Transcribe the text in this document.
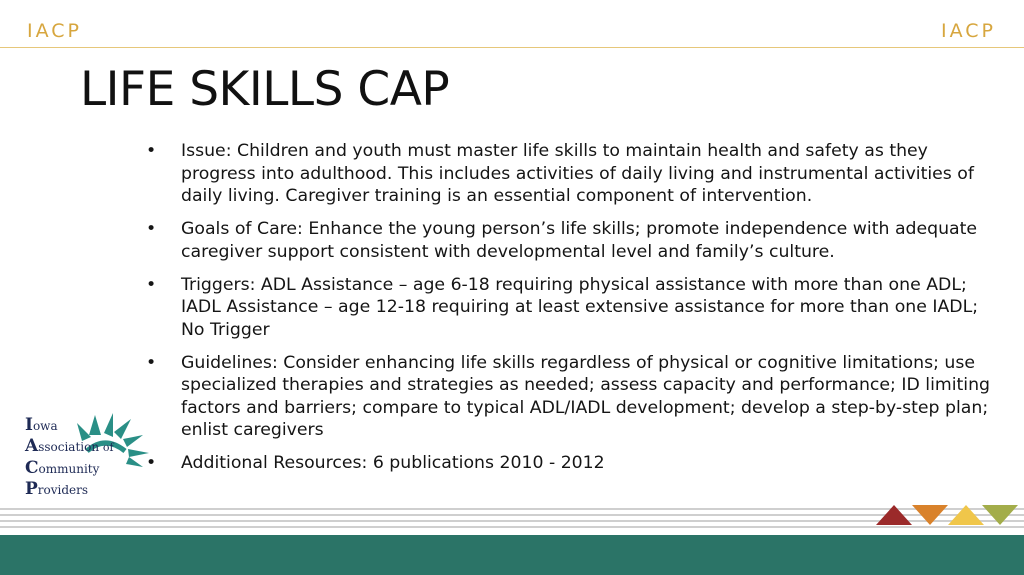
IACP	IACP
LIFE SKILLS CAP
• Issue: Children and youth must master life skills to maintain health and safety as they progress into adulthood. This includes activities of daily living and instrumental activities of daily living. Caregiver training is an essential component of intervention.
• Goals of Care: Enhance the young person’s life skills; promote independence with adequate caregiver support consistent with developmental level and family’s culture.
• Triggers: ADL Assistance – age 6-18 requiring physical assistance with more than one ADL; IADL Assistance – age 12-18 requiring at least extensive assistance for more than one IADL; No Trigger
• Guidelines: Consider enhancing life skills regardless of physical or cognitive limitations; use specialized therapies and strategies as needed; assess capacity and performance; ID limiting factors and barriers; compare to typical ADL/IADL development; develop a step-by-step plan; enlist caregivers
• Additional Resources: 6 publications 2010 - 2012
Iowa
Association of
Community
Providers
